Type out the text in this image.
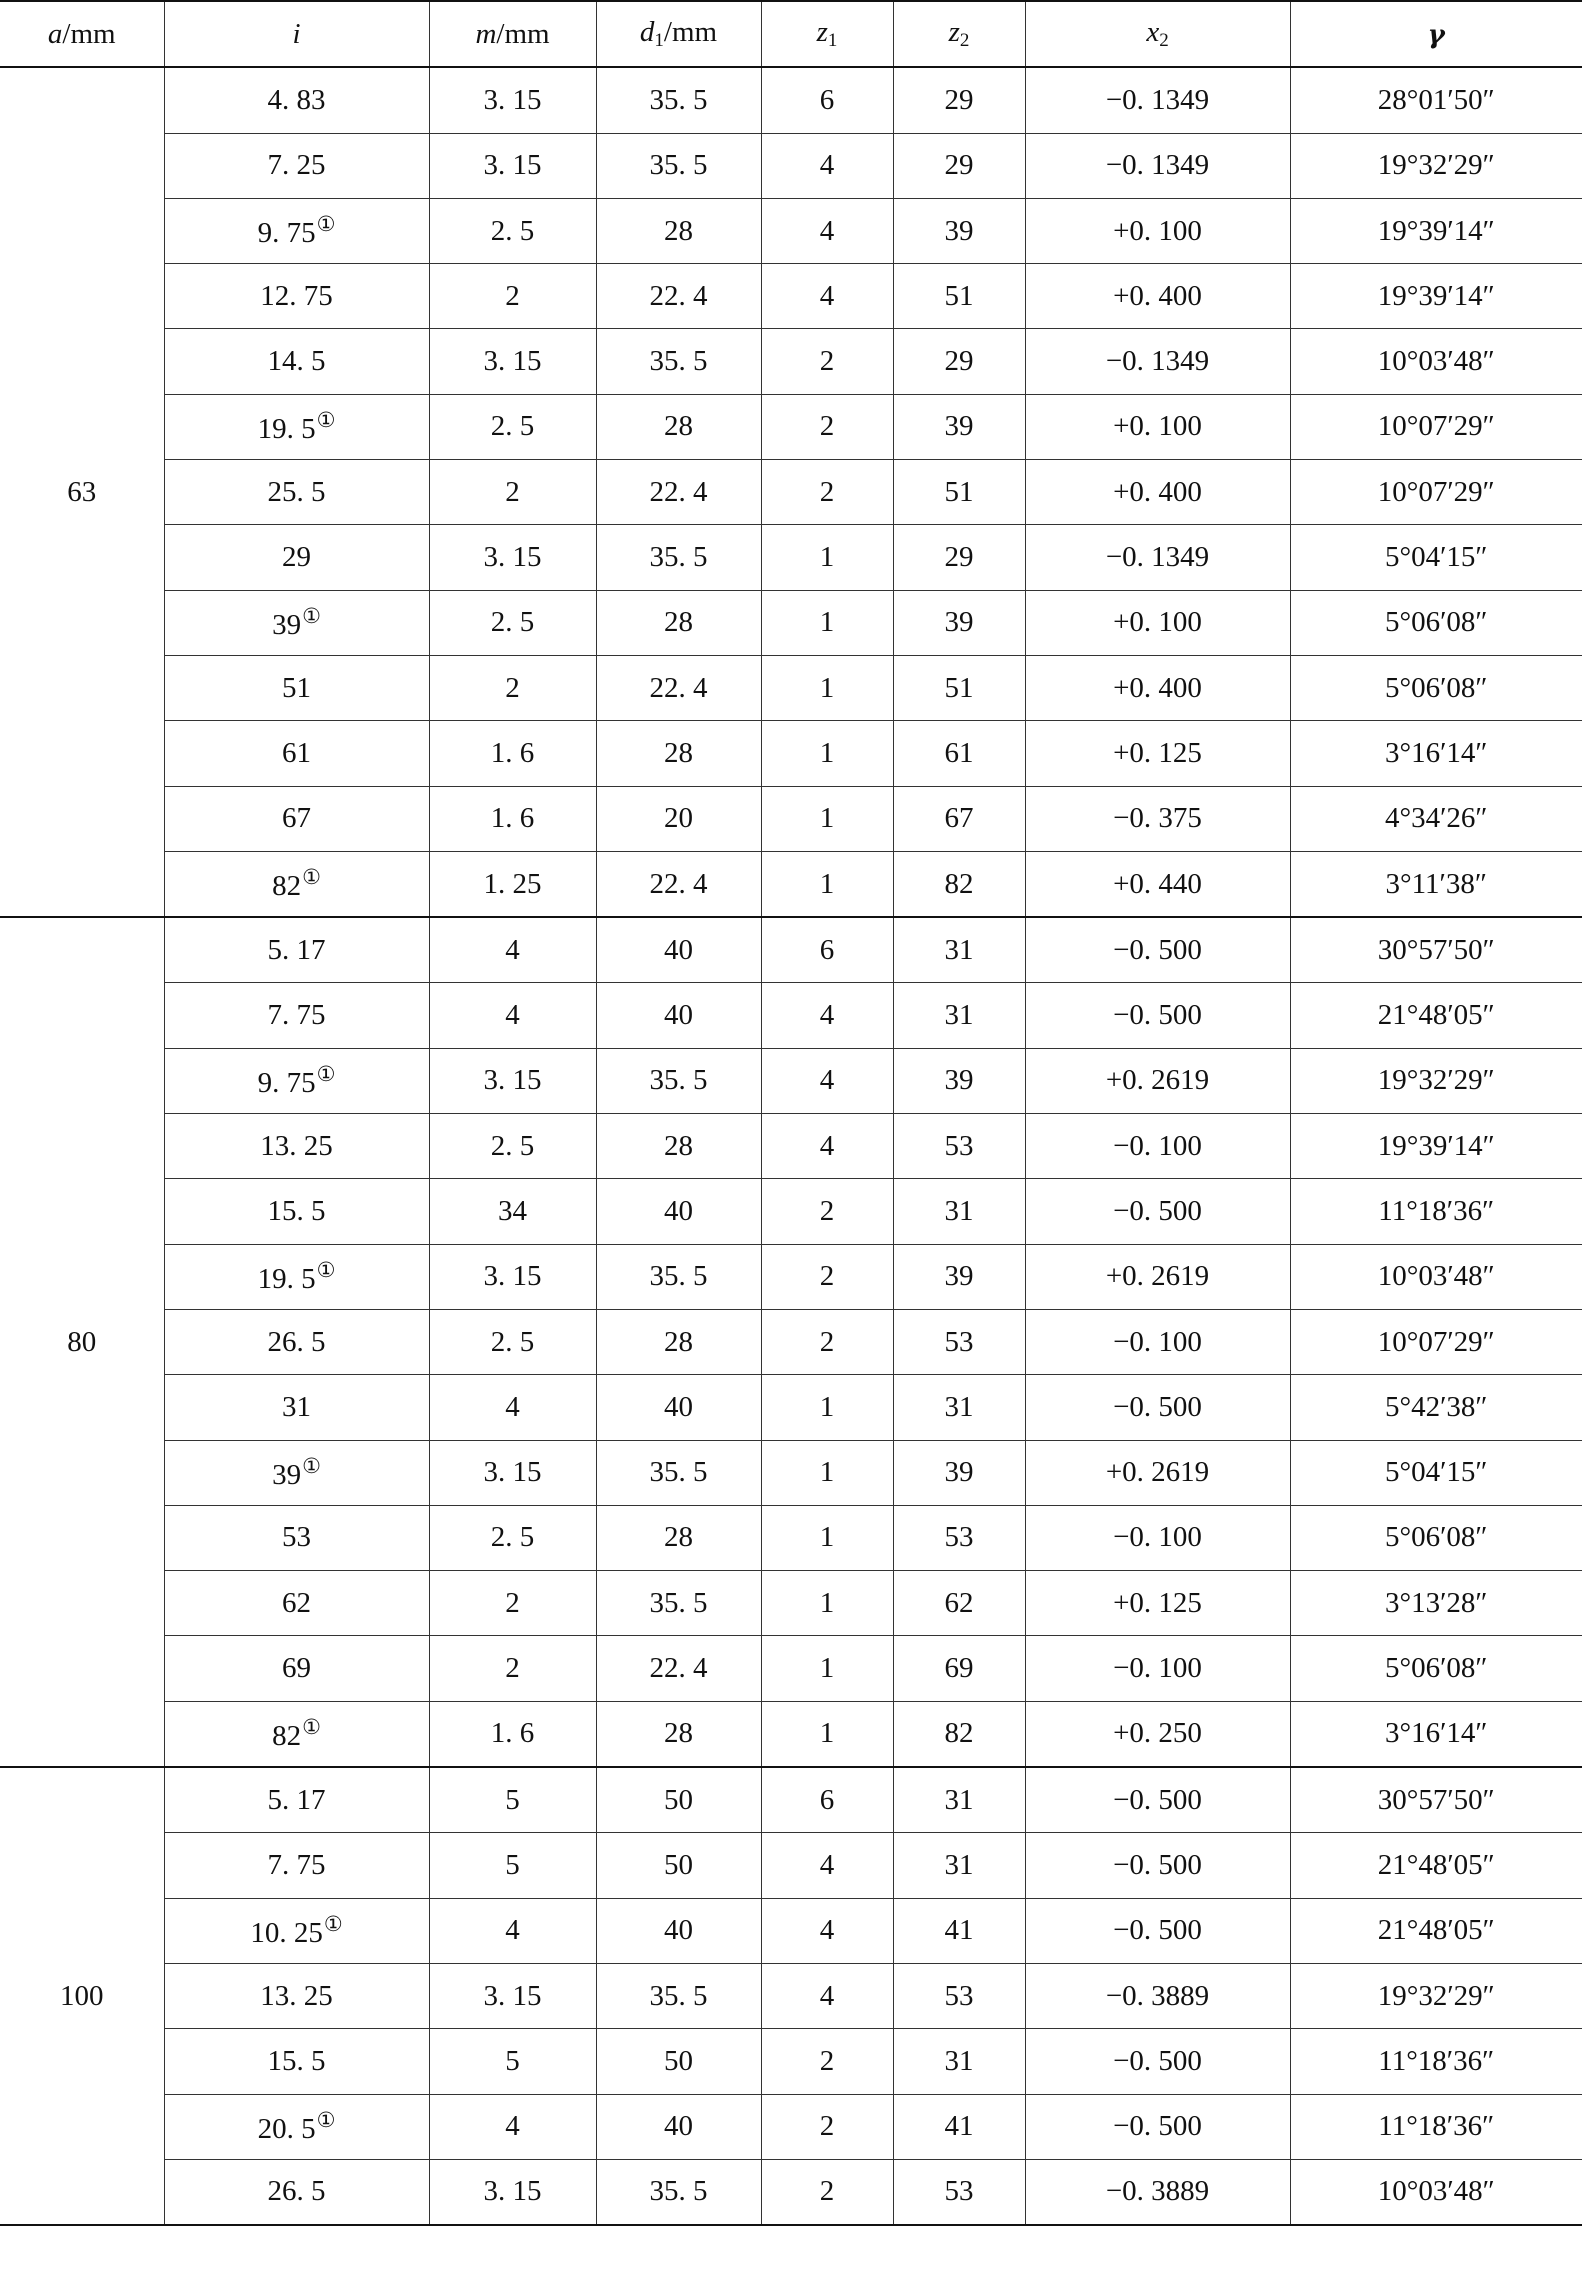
a/mm	i	m/mm	$d_1/mm$	$z_1$	$z_2$	$x_2$	γ
63	4. 83	3. 15	35. 5	6	29	−0. 1349	28°01′50″
	7. 25	3. 15	35. 5	4	29	−0. 1349	19°32′29″
	9. 75①	2. 5	28	4	39	+0. 100	19°39′14″
	12. 75	2	22. 4	4	51	+0. 400	19°39′14″
	14. 5	3. 15	35. 5	2	29	−0. 1349	10°03′48″
	19. 5①	2. 5	28	2	39	+0. 100	10°07′29″
	25. 5	2	22. 4	2	51	+0. 400	10°07′29″
	29	3. 15	35. 5	1	29	−0. 1349	5°04′15″
	39①	2. 5	28	1	39	+0. 100	5°06′08″
	51	2	22. 4	1	51	+0. 400	5°06′08″
	61	1. 6	28	1	61	+0. 125	3°16′14″
	67	1. 6	20	1	67	−0. 375	4°34′26″
	82①	1. 25	22. 4	1	82	+0. 440	3°11′38″
80	5. 17	4	40	6	31	−0. 500	30°57′50″
	7. 75	4	40	4	31	−0. 500	21°48′05″
	9. 75①	3. 15	35. 5	4	39	+0. 2619	19°32′29″
	13. 25	2. 5	28	4	53	−0. 100	19°39′14″
	15. 5	34	40	2	31	−0. 500	11°18′36″
	19. 5①	3. 15	35. 5	2	39	+0. 2619	10°03′48″
	26. 5	2. 5	28	2	53	−0. 100	10°07′29″
	31	4	40	1	31	−0. 500	5°42′38″
	39①	3. 15	35. 5	1	39	+0. 2619	5°04′15″
	53	2. 5	28	1	53	−0. 100	5°06′08″
	62	2	35. 5	1	62	+0. 125	3°13′28″
	69	2	22. 4	1	69	−0. 100	5°06′08″
	82①	1. 6	28	1	82	+0. 250	3°16′14″
100	5. 17	5	50	6	31	−0. 500	30°57′50″
	7. 75	5	50	4	31	−0. 500	21°48′05″
	10. 25①	4	40	4	41	−0. 500	21°48′05″
	13. 25	3. 15	35. 5	4	53	−0. 3889	19°32′29″
	15. 5	5	50	2	31	−0. 500	11°18′36″
	20. 5①	4	40	2	41	−0. 500	11°18′36″
	26. 5	3. 15	35. 5	2	53	−0. 3889	10°03′48″
